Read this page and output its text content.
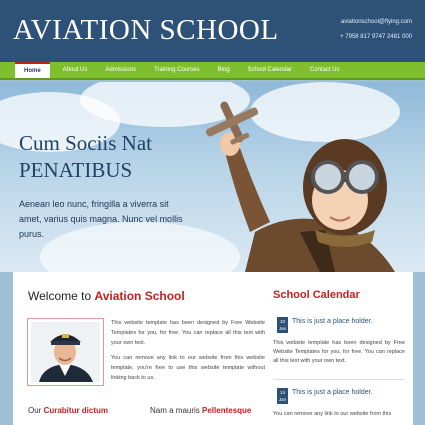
AVIATION SCHOOL	aviationschool@flying.com
+ 7958 817 9747 2481 000
Home	About Us	Admissions	Training Courses	Blog	School Calendar	Contact Us
Cum Sociis Nat
PENATIBUS
Aenean leo nunc, fringilla a viverra sit amet, varius quis magna. Nunc vel mollis purus.
Welcome to Aviation School

This website template has been designed by Free Website Templates for you, for free. You can replace all this text with your own text.

You can remove any link to our website from this website template, you're free to use this website template without linking back to us.

Our Curabitur dictum	Nam a mauris Pellentesque
School Calendar
10
Jan
This is just a place holder.
This website template has been designed by Free Website Templates for you, for free. You can replace all this text with your own text.
14
Jan
This is just a place holder.
You can remove any link to our website from this
